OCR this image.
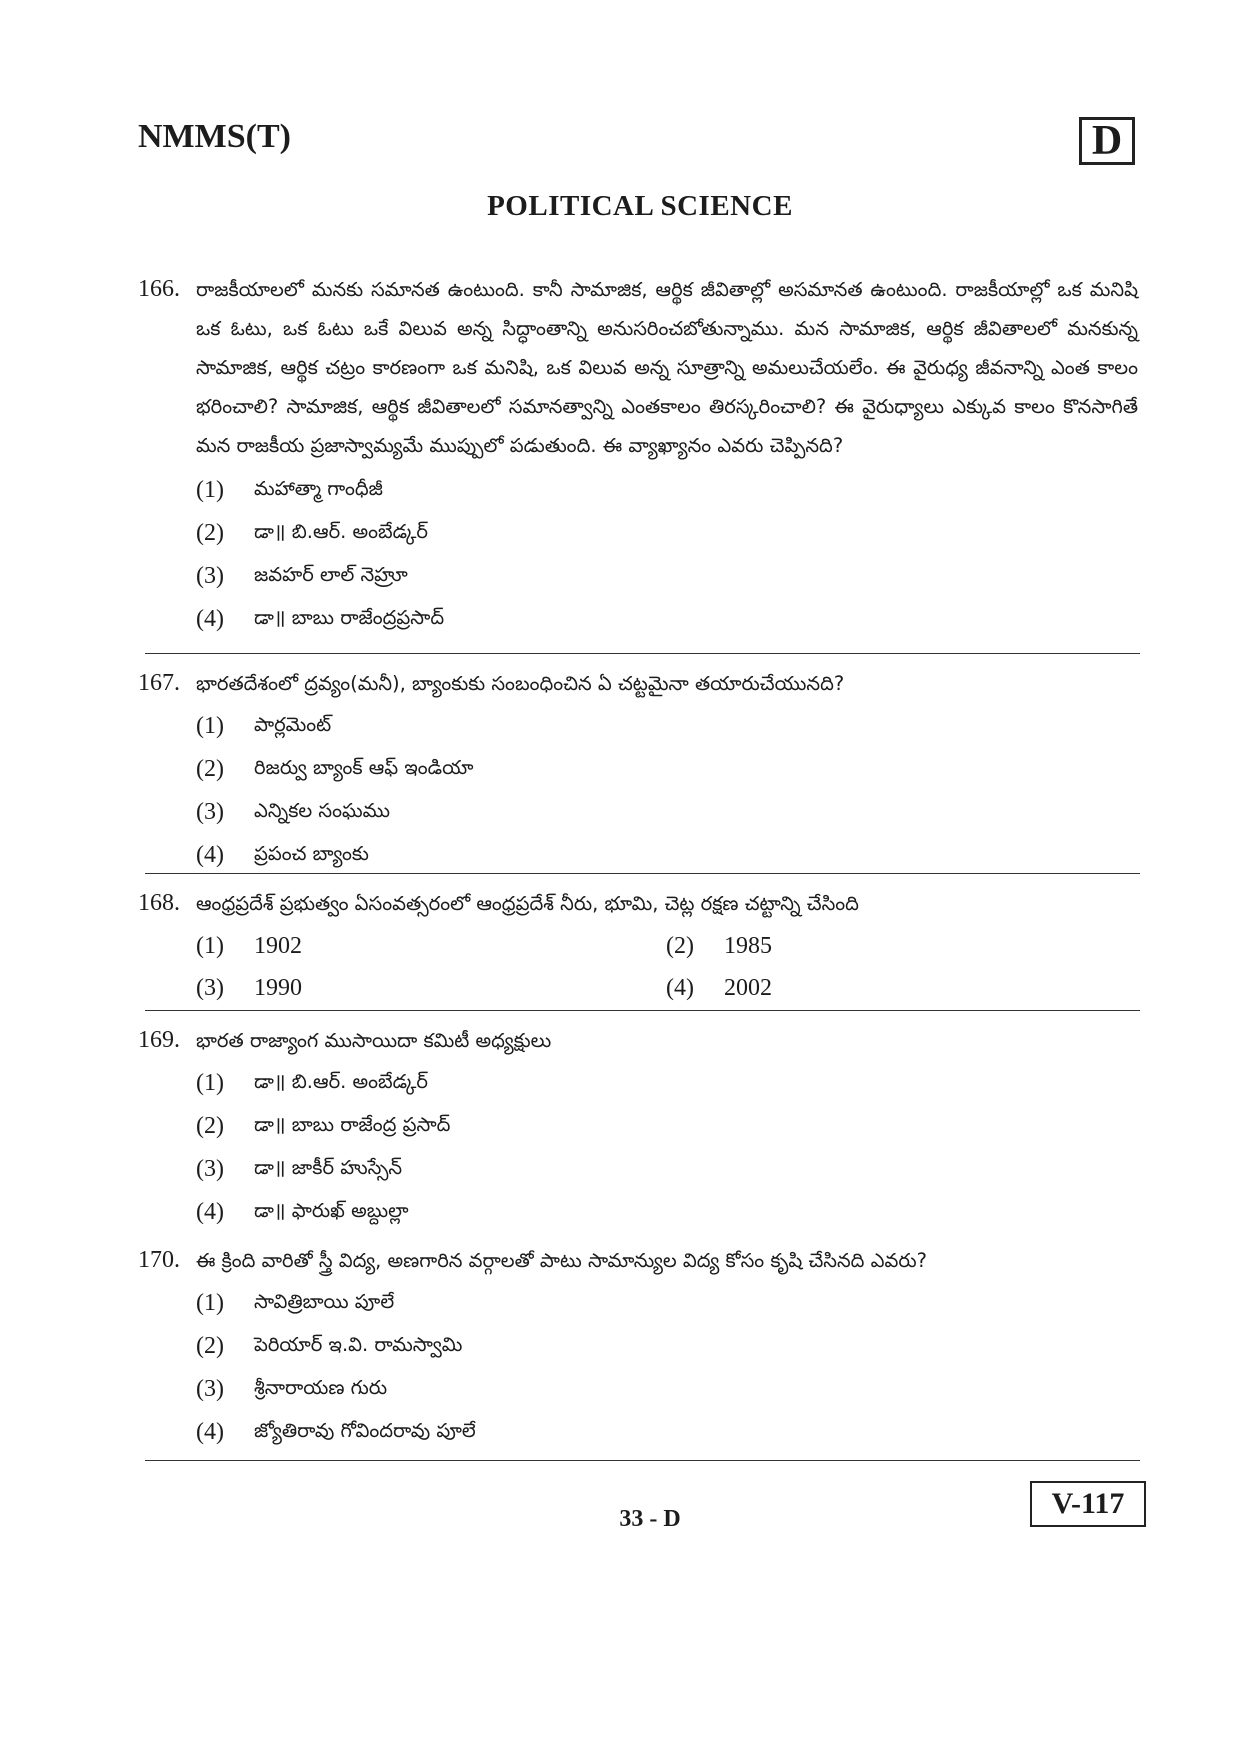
NMMS(T)	D
POLITICAL SCIENCE
166. రాజకీయాలలో మనకు సమానత ఉంటుంది. కానీ సామాజిక, ఆర్థిక జీవితాల్లో అసమానత ఉంటుంది. రాజకీయాల్లో ఒక మనిషి ఒక ఓటు, ఒక ఓటు ఒకే విలువ అన్న సిద్ధాంతాన్ని అనుసరించబోతున్నాము. మన సామాజిక, ఆర్థిక జీవితాలలో మనకున్న సామాజిక, ఆర్థిక చట్రం కారణంగా ఒక మనిషి, ఒక విలువ అన్న సూత్రాన్ని అమలుచేయలేం. ఈ వైరుధ్య జీవనాన్ని ఎంత కాలం భరించాలి? సామాజిక, ఆర్థిక జీవితాలలో సమానత్వాన్ని ఎంతకాలం తిరస్కరించాలి? ఈ వైరుధ్యాలు ఎక్కువ కాలం కొనసాగితే మన రాజకీయ ప్రజాస్వామ్యమే ముప్పులో పడుతుంది. ఈ వ్యాఖ్యానం ఎవరు చెప్పినది?
(1)	మహాత్మా గాంధీజీ
(2)	డా॥ బి.ఆర్. అంబేడ్కర్
(3)	జవహర్ లాల్ నెహ్రూ
(4)	డా॥ బాబు రాజేంద్రప్రసాద్
167. భారతదేశంలో ద్రవ్యం(మనీ), బ్యాంకుకు సంబంధించిన ఏ చట్టమైనా తయారుచేయునది?
(1)	పార్లమెంట్
(2)	రిజర్వు బ్యాంక్ ఆఫ్ ఇండియా
(3)	ఎన్నికల సంఘము
(4)	ప్రపంచ బ్యాంకు
168. ఆంధ్రప్రదేశ్ ప్రభుత్వం ఏసంవత్సరంలో ఆంధ్రప్రదేశ్ నీరు, భూమి, చెట్ల రక్షణ చట్టాన్ని చేసింది
(1)	1902	(2)	1985
(3)	1990	(4)	2002
169. భారత రాజ్యాంగ ముసాయిదా కమిటీ అధ్యక్షులు
(1)	డా॥ బి.ఆర్. అంబేడ్కర్
(2)	డా॥ బాబు రాజేంద్ర ప్రసాద్
(3)	డా॥ జాకీర్ హుస్సేన్
(4)	డా॥ ఫారుఖ్ అబ్దుల్లా
170. ఈ క్రింది వారితో స్త్రీ విద్య, అణగారిన వర్గాలతో పాటు సామాన్యుల విద్య కోసం కృషి చేసినది ఎవరు?
(1)	సావిత్రిబాయి పూలే
(2)	పెరియార్ ఇ.వి. రామస్వామి
(3)	శ్రీనారాయణ గురు
(4)	జ్యోతిరావు గోవిందరావు పూలే
33 - D	V-117
